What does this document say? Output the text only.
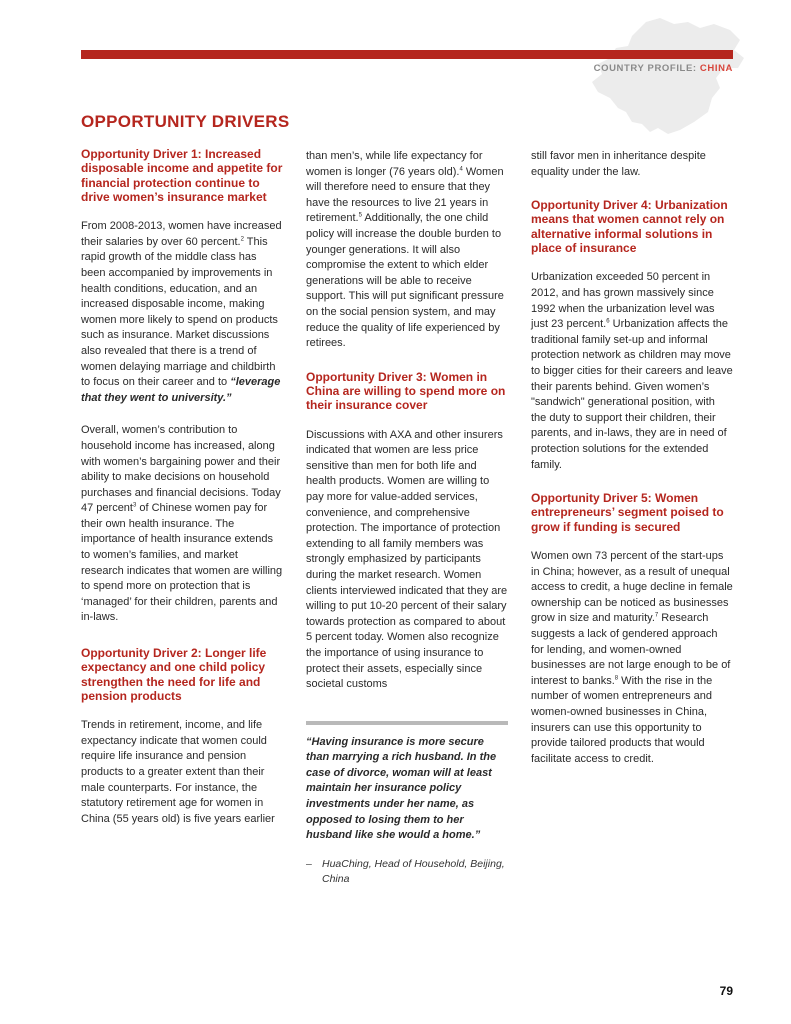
COUNTRY PROFILE: CHINA
OPPORTUNITY DRIVERS
Opportunity Driver 1: Increased disposable income and appetite for financial protection continue to drive women’s insurance market

From 2008-2013, women have increased their salaries by over 60 percent.$^2$ This rapid growth of the middle class has been accompanied by improvements in health conditions, education, and an increased disposable income, making women more likely to spend on products such as insurance. Market discussions also revealed that there is a trend of women delaying marriage and childbirth to focus on their career and to “leverage that they went to university.”

Overall, women’s contribution to household income has increased, along with women’s bargaining power and their ability to make decisions on household purchases and financial decisions. Today 47 percent$^3$ of Chinese women pay for their own health insurance. The importance of health insurance extends to women’s families, and market research indicates that women are willing to spend more on protection that is ‘managed’ for their children, parents and in-laws.

Opportunity Driver 2: Longer life expectancy and one child policy strengthen the need for life and pension products

Trends in retirement, income, and life expectancy indicate that women could require life insurance and pension products to a greater extent than their male counterparts. For instance, the statutory retirement age for women in China (55 years old) is five years earlier

than men’s, while life expectancy for women is longer (76 years old).$^4$ Women will therefore need to ensure that they have the resources to live 21 years in retirement.$^5$ Additionally, the one child policy will increase the double burden to younger generations. It will also compromise the extent to which elder generations will be able to receive support. This will put significant pressure on the social pension system, and may reduce the quality of life experienced by retirees.

Opportunity Driver 3: Women in China are willing to spend more on their insurance cover

Discussions with AXA and other insurers indicated that women are less price sensitive than men for both life and health products. Women are willing to pay more for value-added services, convenience, and comprehensive protection. The importance of protection extending to all family members was strongly emphasized by participants during the market research. Women clients interviewed indicated that they are willing to put 10-20 percent of their salary towards protection as compared to about 5 percent today. Women also recognize the importance of using insurance to protect their assets, especially since societal customs

“Having insurance is more secure than marrying a rich husband. In the case of divorce, woman will at least maintain her insurance policy investments under her name, as opposed to losing them to her husband like she would a home.”

– HuaChing, Head of Household, Beijing, China

still favor men in inheritance despite equality under the law.

Opportunity Driver 4: Urbanization means that women cannot rely on alternative informal solutions in place of insurance

Urbanization exceeded 50 percent in 2012, and has grown massively since 1992 when the urbanization level was just 23 percent.$^6$ Urbanization affects the traditional family set-up and informal protection network as children may move to bigger cities for their careers and leave their parents behind. Given women’s "sandwich" generational position, with the duty to support their children, their parents, and in-laws, they are in need of protection solutions for the extended family.

Opportunity Driver 5: Women entrepreneurs’ segment poised to grow if funding is secured

Women own 73 percent of the start-ups in China; however, as a result of unequal access to credit, a huge decline in female ownership can be noticed as businesses grow in size and maturity.$^7$ Research suggests a lack of gendered approach for lending, and women-owned businesses are not large enough to be of interest to banks.$^8$ With the rise in the number of women entrepreneurs and women-owned businesses in China, insurers can use this opportunity to provide tailored products that would facilitate access to credit.

79
